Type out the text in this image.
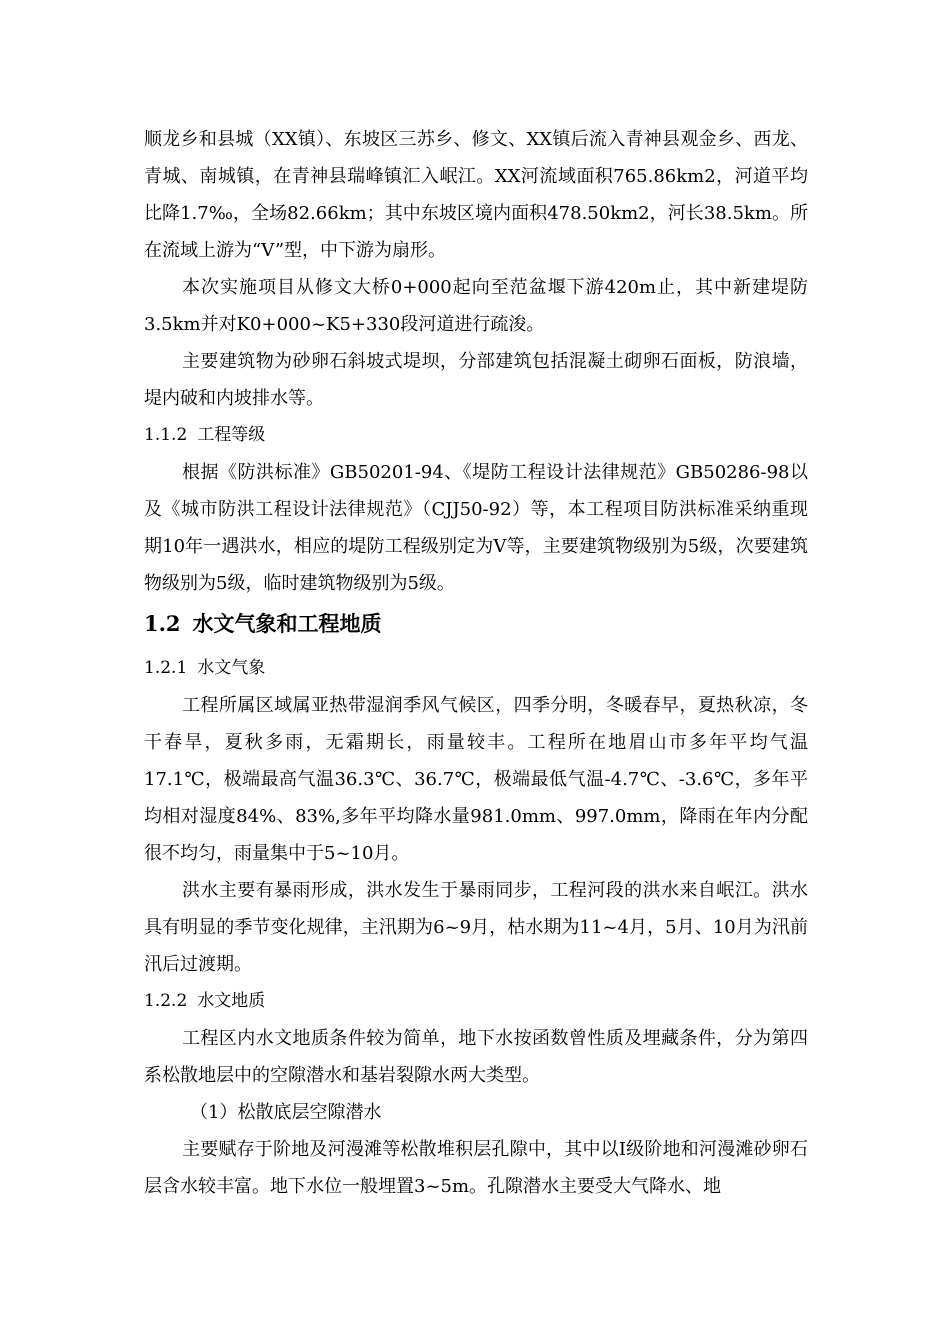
顺龙乡和县城（XX镇）、东坡区三苏乡、修文、XX镇后流入青神县观金乡、西龙、青城、南城镇，在青神县瑞峰镇汇入岷江。XX河流域面积765.86km2，河道平均比降1.7‰，全场82.66km；其中东坡区境内面积478.50km2，河长38.5km。所在流域上游为“V”型，中下游为扇形。

本次实施项目从修文大桥0+000起向至范盆堰下游420m止，其中新建堤防3.5km并对K0+000~K5+330段河道进行疏浚。

主要建筑物为砂卵石斜坡式堤坝，分部建筑包括混凝土砌卵石面板，防浪墙，堤内破和内坡排水等。

1.1.2 工程等级

根据《防洪标准》GB50201-94、《堤防工程设计法律规范》GB50286-98以及《城市防洪工程设计法律规范》（CJJ50-92）等，本工程项目防洪标准采纳重现期10年一遇洪水，相应的堤防工程级别定为Ⅴ等，主要建筑物级别为5级，次要建筑物级别为5级，临时建筑物级别为5级。

1.2 水文气象和工程地质
1.2.1 水文气象

工程所属区域属亚热带湿润季风气候区，四季分明，冬暖春早，夏热秋凉，冬干春旱，夏秋多雨，无霜期长，雨量较丰。工程所在地眉山市多年平均气温17.1℃，极端最高气温36.3℃、36.7℃，极端最低气温-4.7℃、-3.6℃，多年平均相对湿度84%、83%,多年平均降水量981.0mm、997.0mm，降雨在年内分配很不均匀，雨量集中于5~10月。

洪水主要有暴雨形成，洪水发生于暴雨同步，工程河段的洪水来自岷江。洪水具有明显的季节变化规律，主汛期为6~9月，枯水期为11~4月，5月、10月为汛前汛后过渡期。

1.2.2 水文地质

工程区内水文地质条件较为简单，地下水按函数曾性质及埋藏条件，分为第四系松散地层中的空隙潜水和基岩裂隙水两大类型。

（1）松散底层空隙潜水

主要赋存于阶地及河漫滩等松散堆积层孔隙中，其中以Ⅰ级阶地和河漫滩砂卵石层含水较丰富。地下水位一般埋置3~5m。孔隙潜水主要受大气降水、地
